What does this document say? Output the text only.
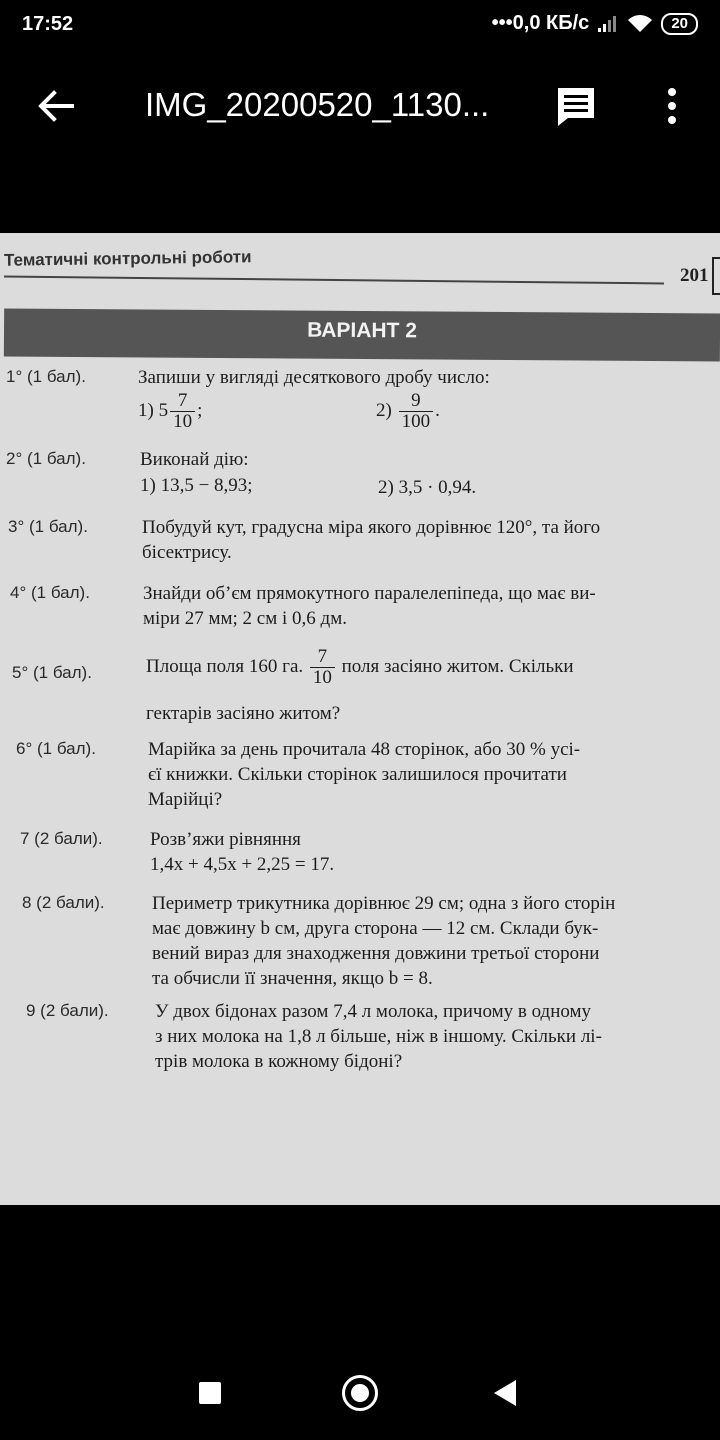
17:52	•••0,0 КБ/с	20
IMG_20200520_1130...
Тематичні контрольні роботи
201
ВАРІАНТ 2
1° (1 бал).	Запиши у вигляді десяткового дробу число:
1) $5 \frac{7}{10}$ ;	$2) \frac{9}{100}$ .
2° (1 бал).	Виконай дію:
1) 13,5 − 8,93;	2) 3,5 · 0,94.
3° (1 бал).	Побудуй кут, градусна міра якого дорівнює 120°, та його
бісектрису.
4° (1 бал).	Знайди об’єм прямокутного паралелепіпеда, що має ви-
міри 27 мм; 2 см і 0,6 дм.
5° (1 бал).	Площа поля 160 га. $\frac{7}{10}$ поля засіяно житом. Скільки
гектарів засіяно житом?
6° (1 бал).	Марійка за день прочитала 48 сторінок, або 30 % усі-
єї книжки. Скільки сторінок залишилося прочитати
Марійці?
7 (2 бали). Розв’яжи рівняння
1,4x + 4,5x + 2,25 = 17.
8 (2 бали). Периметр трикутника дорівнює 29 см; одна з його сторін
має довжину b см, друга сторона — 12 см. Склади бук-
вений вираз для знаходження довжини третьої сторони
та обчисли її значення, якщо b = 8.
9 (2 бали). У двох бідонах разом 7,4 л молока, причому в одному
з них молока на 1,8 л більше, ніж в іншому. Скільки лі-
трів молока в кожному бідоні?
